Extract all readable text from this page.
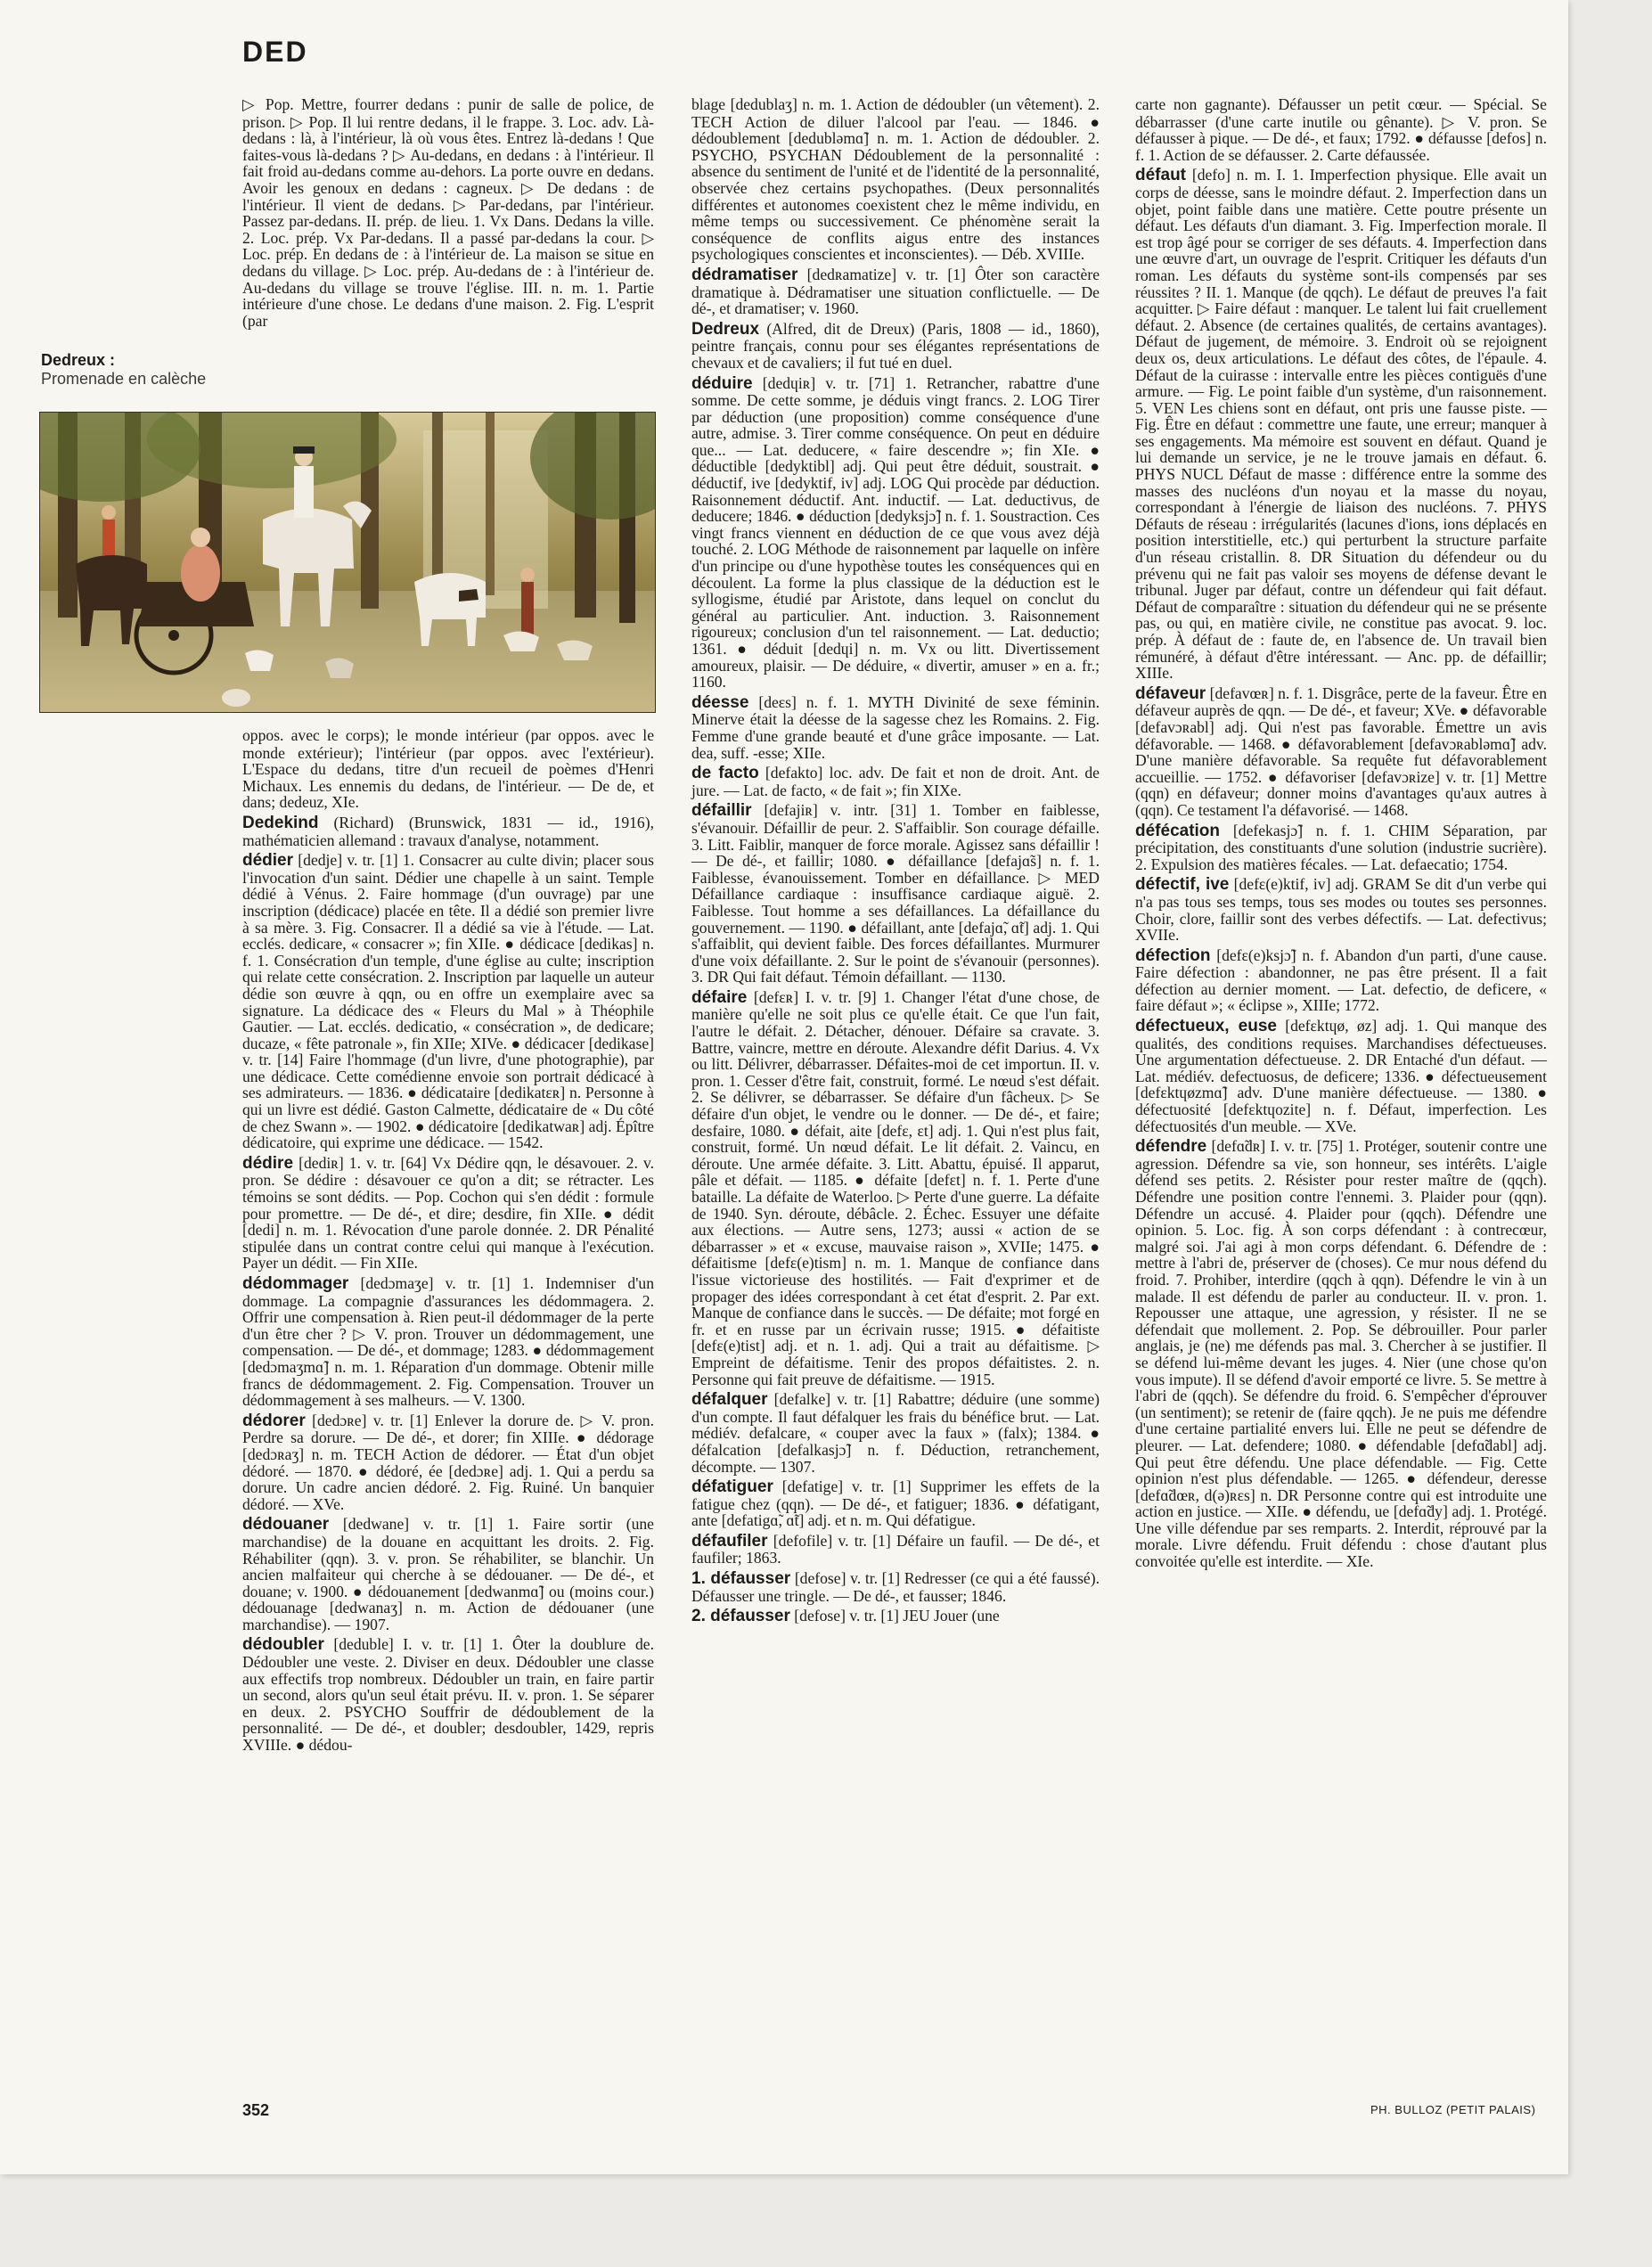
DED
Dedreux :
Promenade en calèche

▷ Pop. Mettre, fourrer dedans : punir de salle de police, de prison. ▷ Pop. Il lui rentre dedans, il le frappe. 3. Loc. adv. Là-dedans : là, à l'intérieur, là où vous êtes. Entrez là-dedans ! Que faites-vous là-dedans ? ▷ Au-dedans, en dedans : à l'intérieur. Il fait froid au-dedans comme au-dehors. La porte ouvre en dedans. Avoir les genoux en dedans : cagneux. ▷ De dedans : de l'intérieur. Il vient de dedans. ▷ Par-dedans, par l'intérieur. Passez par-dedans. II. prép. de lieu. 1. Vx Dans. Dedans la ville. 2. Loc. prép. Vx Par-dedans. Il a passé par-dedans la cour. ▷ Loc. prép. En dedans de : à l'intérieur de. La maison se situe en dedans du village. ▷ Loc. prép. Au-dedans de : à l'intérieur de. Au-dedans du village se trouve l'église. III. n. m. 1. Partie intérieure d'une chose. Le dedans d'une maison. 2. Fig. L'esprit (par

oppos. avec le corps); le monde intérieur (par oppos. avec le monde extérieur); l'intérieur (par oppos. avec l'extérieur). L'Espace du dedans, titre d'un recueil de poèmes d'Henri Michaux. Les ennemis du dedans, de l'intérieur. — De de, et dans; dedeuz, XIe.

Dedekind (Richard) (Brunswick, 1831 — id., 1916), mathématicien allemand : travaux d'analyse, notamment.

dédier [dedje] v. tr. [1] 1. Consacrer au culte divin; placer sous l'invocation d'un saint. Dédier une chapelle à un saint. Temple dédié à Vénus. 2. Faire hommage (d'un ouvrage) par une inscription (dédicace) placée en tête. Il a dédié son premier livre à sa mère. 3. Fig. Consacrer. Il a dédié sa vie à l'étude. — Lat. ecclés. dedicare, « consacrer »; fin XIIe. ● dédicace [dedikas] n. f. 1. Consécration d'un temple, d'une église au culte; inscription qui relate cette consécration. 2. Inscription par laquelle un auteur dédie son œuvre à qqn, ou en offre un exemplaire avec sa signature. La dédicace des « Fleurs du Mal » à Théophile Gautier. — Lat. ecclés. dedicatio, « consécration », de dedicare; ducaze, « fête patronale », fin XIIe; XIVe. ● dédicacer [dedikase] v. tr. [14] Faire l'hommage (d'un livre, d'une photographie), par une dédicace. Cette comédienne envoie son portrait dédicacé à ses admirateurs. — 1836. ● dédicataire [dedikatɛʀ] n. Personne à qui un livre est dédié. Gaston Calmette, dédicataire de « Du côté de chez Swann ». — 1902. ● dédicatoire [dedikatwaʀ] adj. Épître dédicatoire, qui exprime une dédicace. — 1542.

dédire [dediʀ] 1. v. tr. [64] Vx Dédire qqn, le désavouer. 2. v. pron. Se dédire : désavouer ce qu'on a dit; se rétracter. Les témoins se sont dédits. — Pop. Cochon qui s'en dédit : formule pour promettre. — De dé-, et dire; desdire, fin XIIe. ● dédit [dedi] n. m. 1. Révocation d'une parole donnée. 2. DR Pénalité stipulée dans un contrat contre celui qui manque à l'exécution. Payer un dédit. — Fin XIIe.

dédommager [dedɔmaʒe] v. tr. [1] 1. Indemniser d'un dommage. La compagnie d'assurances les dédommagera. 2. Offrir une compensation à. Rien peut-il dédommager de la perte d'un être cher ? ▷ V. pron. Trouver un dédommagement, une compensation. — De dé-, et dommage; 1283. ● dédommagement [dedɔmaʒmɑ̃] n. m. 1. Réparation d'un dommage. Obtenir mille francs de dédommagement. 2. Fig. Compensation. Trouver un dédommagement à ses malheurs. — V. 1300.

dédorer [dedɔʀe] v. tr. [1] Enlever la dorure de. ▷ V. pron. Perdre sa dorure. — De dé-, et dorer; fin XIIIe. ● dédorage [dedɔʀaʒ] n. m. TECH Action de dédorer. — État d'un objet dédoré. — 1870. ● dédoré, ée [dedɔʀe] adj. 1. Qui a perdu sa dorure. Un cadre ancien dédoré. 2. Fig. Ruiné. Un banquier dédoré. — XVe.

dédouaner [dedwane] v. tr. [1] 1. Faire sortir (une marchandise) de la douane en acquittant les droits. 2. Fig. Réhabiliter (qqn). 3. v. pron. Se réhabiliter, se blanchir. Un ancien malfaiteur qui cherche à se dédouaner. — De dé-, et douane; v. 1900. ● dédouanement [dedwanmɑ̃] ou (moins cour.) dédouanage [dedwanaʒ] n. m. Action de dédouaner (une marchandise). — 1907.

dédoubler [deduble] I. v. tr. [1] 1. Ôter la doublure de. Dédoubler une veste. 2. Diviser en deux. Dédoubler une classe aux effectifs trop nombreux. Dédoubler un train, en faire partir un second, alors qu'un seul était prévu. II. v. pron. 1. Se séparer en deux. 2. PSYCHO Souffrir de dédoublement de la personnalité. — De dé-, et doubler; desdoubler, 1429, repris XVIIIe. ● dédou-

blage [dedublaʒ] n. m. 1. Action de dédoubler (un vêtement). 2. TECH Action de diluer l'alcool par l'eau. — 1846. ● dédoublement [dedubləmɑ̃] n. m. 1. Action de dédoubler. 2. PSYCHO, PSYCHAN Dédoublement de la personnalité : absence du sentiment de l'unité et de l'identité de la personnalité, observée chez certains psychopathes. (Deux personnalités différentes et autonomes coexistent chez le même individu, en même temps ou successivement. Ce phénomène serait la conséquence de conflits aigus entre des instances psychologiques conscientes et inconscientes). — Déb. XVIIIe.

dédramatiser [dedʀamatize] v. tr. [1] Ôter son caractère dramatique à. Dédramatiser une situation conflictuelle. — De dé-, et dramatiser; v. 1960.

Dedreux (Alfred, dit de Dreux) (Paris, 1808 — id., 1860), peintre français, connu pour ses élégantes représentations de chevaux et de cavaliers; il fut tué en duel.

déduire [dedɥiʀ] v. tr. [71] 1. Retrancher, rabattre d'une somme. De cette somme, je déduis vingt francs. 2. LOG Tirer par déduction (une proposition) comme conséquence d'une autre, admise. 3. Tirer comme conséquence. On peut en déduire que... — Lat. deducere, « faire descendre »; fin XIe. ● déductible [dedyktibl] adj. Qui peut être déduit, soustrait. ● déductif, ive [dedyktif, iv] adj. LOG Qui procède par déduction. Raisonnement déductif. Ant. inductif. — Lat. deductivus, de deducere; 1846. ● déduction [dedyksjɔ̃] n. f. 1. Soustraction. Ces vingt francs viennent en déduction de ce que vous avez déjà touché. 2. LOG Méthode de raisonnement par laquelle on infère d'un principe ou d'une hypothèse toutes les conséquences qui en découlent. La forme la plus classique de la déduction est le syllogisme, étudié par Aristote, dans lequel on conclut du général au particulier. Ant. induction. 3. Raisonnement rigoureux; conclusion d'un tel raisonnement. — Lat. deductio; 1361. ● déduit [dedɥi] n. m. Vx ou litt. Divertissement amoureux, plaisir. — De déduire, « divertir, amuser » en a. fr.; 1160.

déesse [deɛs] n. f. 1. MYTH Divinité de sexe féminin. Minerve était la déesse de la sagesse chez les Romains. 2. Fig. Femme d'une grande beauté et d'une grâce imposante. — Lat. dea, suff. -esse; XIIe.

de facto [defakto] loc. adv. De fait et non de droit. Ant. de jure. — Lat. de facto, « de fait »; fin XIXe.

défaillir [defajiʀ] v. intr. [31] 1. Tomber en faiblesse, s'évanouir. Défaillir de peur. 2. S'affaiblir. Son courage défaille. 3. Litt. Faiblir, manquer de force morale. Agissez sans défaillir ! — De dé-, et faillir; 1080. ● défaillance [defajɑ̃s] n. f. 1. Faiblesse, évanouissement. Tomber en défaillance. ▷ MED Défaillance cardiaque : insuffisance cardiaque aiguë. 2. Faiblesse. Tout homme a ses défaillances. La défaillance du gouvernement. — 1190. ● défaillant, ante [defajɑ̃, ɑ̃t] adj. 1. Qui s'affaiblit, qui devient faible. Des forces défaillantes. Murmurer d'une voix défaillante. 2. Sur le point de s'évanouir (personnes). 3. DR Qui fait défaut. Témoin défaillant. — 1130.

défaire [defɛʀ] I. v. tr. [9] 1. Changer l'état d'une chose, de manière qu'elle ne soit plus ce qu'elle était. Ce que l'un fait, l'autre le défait. 2. Détacher, dénouer. Défaire sa cravate. 3. Battre, vaincre, mettre en déroute. Alexandre défit Darius. 4. Vx ou litt. Délivrer, débarrasser. Défaites-moi de cet importun. II. v. pron. 1. Cesser d'être fait, construit, formé. Le nœud s'est défait. 2. Se délivrer, se débarrasser. Se défaire d'un fâcheux. ▷ Se défaire d'un objet, le vendre ou le donner. — De dé-, et faire; desfaire, 1080. ● défait, aite [defɛ, ɛt] adj. 1. Qui n'est plus fait, construit, formé. Un nœud défait. Le lit défait. 2. Vaincu, en déroute. Une armée défaite. 3. Litt. Abattu, épuisé. Il apparut, pâle et défait. — 1185. ● défaite [defɛt] n. f. 1. Perte d'une bataille. La défaite de Waterloo. ▷ Perte d'une guerre. La défaite de 1940. Syn. déroute, débâcle. 2. Échec. Essuyer une défaite aux élections. — Autre sens, 1273; aussi « action de se débarrasser » et « excuse, mauvaise raison », XVIIe; 1475. ● défaitisme [defɛ(e)tism] n. m. 1. Manque de confiance dans l'issue victorieuse des hostilités. — Fait d'exprimer et de propager des idées correspondant à cet état d'esprit. 2. Par ext. Manque de confiance dans le succès. — De défaite; mot forgé en fr. et en russe par un écrivain russe; 1915. ● défaitiste [defɛ(e)tist] adj. et n. 1. adj. Qui a trait au défaitisme. ▷ Empreint de défaitisme. Tenir des propos défaitistes. 2. n. Personne qui fait preuve de défaitisme. — 1915.

défalquer [defalke] v. tr. [1] Rabattre; déduire (une somme) d'un compte. Il faut défalquer les frais du bénéfice brut. — Lat. médiév. defalcare, « couper avec la faux » (falx); 1384. ● défalcation [defalkasjɔ̃] n. f. Déduction, retranchement, décompte. — 1307.

défatiguer [defatige] v. tr. [1] Supprimer les effets de la fatigue chez (qqn). — De dé-, et fatiguer; 1836. ● défatigant, ante [defatigɑ̃, ɑ̃t] adj. et n. m. Qui défatigue.

défaufiler [defofile] v. tr. [1] Défaire un faufil. — De dé-, et faufiler; 1863.

1. défausser [defose] v. tr. [1] Redresser (ce qui a été faussé). Défausser une tringle. — De dé-, et fausser; 1846.

2. défausser [defose] v. tr. [1] JEU Jouer (une

carte non gagnante). Défausser un petit cœur. — Spécial. Se débarrasser (d'une carte inutile ou gênante). ▷ V. pron. Se défausser à pique. — De dé-, et faux; 1792. ● défausse [defos] n. f. 1. Action de se défausser. 2. Carte défaussée.

défaut [defo] n. m. I. 1. Imperfection physique. Elle avait un corps de déesse, sans le moindre défaut. 2. Imperfection dans un objet, point faible dans une matière. Cette poutre présente un défaut. Les défauts d'un diamant. 3. Fig. Imperfection morale. Il est trop âgé pour se corriger de ses défauts. 4. Imperfection dans une œuvre d'art, un ouvrage de l'esprit. Critiquer les défauts d'un roman. Les défauts du système sont-ils compensés par ses réussites ? II. 1. Manque (de qqch). Le défaut de preuves l'a fait acquitter. ▷ Faire défaut : manquer. Le talent lui fait cruellement défaut. 2. Absence (de certaines qualités, de certains avantages). Défaut de jugement, de mémoire. 3. Endroit où se rejoignent deux os, deux articulations. Le défaut des côtes, de l'épaule. 4. Défaut de la cuirasse : intervalle entre les pièces contiguës d'une armure. — Fig. Le point faible d'un système, d'un raisonnement. 5. VEN Les chiens sont en défaut, ont pris une fausse piste. — Fig. Être en défaut : commettre une faute, une erreur; manquer à ses engagements. Ma mémoire est souvent en défaut. Quand je lui demande un service, je ne le trouve jamais en défaut. 6. PHYS NUCL Défaut de masse : différence entre la somme des masses des nucléons d'un noyau et la masse du noyau, correspondant à l'énergie de liaison des nucléons. 7. PHYS Défauts de réseau : irrégularités (lacunes d'ions, ions déplacés en position interstitielle, etc.) qui perturbent la structure parfaite d'un réseau cristallin. 8. DR Situation du défendeur ou du prévenu qui ne fait pas valoir ses moyens de défense devant le tribunal. Juger par défaut, contre un défendeur qui fait défaut. Défaut de comparaître : situation du défendeur qui ne se présente pas, ou qui, en matière civile, ne constitue pas avocat. 9. loc. prép. À défaut de : faute de, en l'absence de. Un travail bien rémunéré, à défaut d'être intéressant. — Anc. pp. de défaillir; XIIIe.

défaveur [defavœʀ] n. f. 1. Disgrâce, perte de la faveur. Être en défaveur auprès de qqn. — De dé-, et faveur; XVe. ● défavorable [defavɔʀabl] adj. Qui n'est pas favorable. Émettre un avis défavorable. — 1468. ● défavorablement [defavɔʀabləmɑ̃] adv. D'une manière défavorable. Sa requête fut défavorablement accueillie. — 1752. ● défavoriser [defavɔʀize] v. tr. [1] Mettre (qqn) en défaveur; donner moins d'avantages qu'aux autres à (qqn). Ce testament l'a défavorisé. — 1468.

défécation [defekasjɔ̃] n. f. 1. CHIM Séparation, par précipitation, des constituants d'une solution (industrie sucrière). 2. Expulsion des matières fécales. — Lat. defaecatio; 1754.

défectif, ive [defɛ(e)ktif, iv] adj. GRAM Se dit d'un verbe qui n'a pas tous ses temps, tous ses modes ou toutes ses personnes. Choir, clore, faillir sont des verbes défectifs. — Lat. defectivus; XVIIe.

défection [defɛ(e)ksjɔ̃] n. f. Abandon d'un parti, d'une cause. Faire défection : abandonner, ne pas être présent. Il a fait défection au dernier moment. — Lat. defectio, de deficere, « faire défaut »; « éclipse », XIIIe; 1772.

défectueux, euse [defɛktɥø, øz] adj. 1. Qui manque des qualités, des conditions requises. Marchandises défectueuses. Une argumentation défectueuse. 2. DR Entaché d'un défaut. — Lat. médiév. defectuosus, de deficere; 1336. ● défectueusement [defɛktɥøzmɑ̃] adv. D'une manière défectueuse. — 1380. ● défectuosité [defɛktɥozite] n. f. Défaut, imperfection. Les défectuosités d'un meuble. — XVe.

défendre [defɑ̃dʀ] I. v. tr. [75] 1. Protéger, soutenir contre une agression. Défendre sa vie, son honneur, ses intérêts. L'aigle défend ses petits. 2. Résister pour rester maître de (qqch). Défendre une position contre l'ennemi. 3. Plaider pour (qqn). Défendre un accusé. 4. Plaider pour (qqch). Défendre une opinion. 5. Loc. fig. À son corps défendant : à contrecœur, malgré soi. J'ai agi à mon corps défendant. 6. Défendre de : mettre à l'abri de, préserver de (choses). Ce mur nous défend du froid. 7. Prohiber, interdire (qqch à qqn). Défendre le vin à un malade. Il est défendu de parler au conducteur. II. v. pron. 1. Repousser une attaque, une agression, y résister. Il ne se défendait que mollement. 2. Pop. Se débrouiller. Pour parler anglais, je (ne) me défends pas mal. 3. Chercher à se justifier. Il se défend lui-même devant les juges. 4. Nier (une chose qu'on vous impute). Il se défend d'avoir emporté ce livre. 5. Se mettre à l'abri de (qqch). Se défendre du froid. 6. S'empêcher d'éprouver (un sentiment); se retenir de (faire qqch). Je ne puis me défendre d'une certaine partialité envers lui. Elle ne peut se défendre de pleurer. — Lat. defendere; 1080. ● défendable [defɑ̃dabl] adj. Qui peut être défendu. Une place défendable. — Fig. Cette opinion n'est plus défendable. — 1265. ● défendeur, deresse [defɑ̃dœʀ, d(ə)ʀɛs] n. DR Personne contre qui est introduite une action en justice. — XIIe. ● défendu, ue [defɑ̃dy] adj. 1. Protégé. Une ville défendue par ses remparts. 2. Interdit, réprouvé par la morale. Livre défendu. Fruit défendu : chose d'autant plus convoitée qu'elle est interdite. — XIe.

352	PH. BULLOZ (PETIT PALAIS)
